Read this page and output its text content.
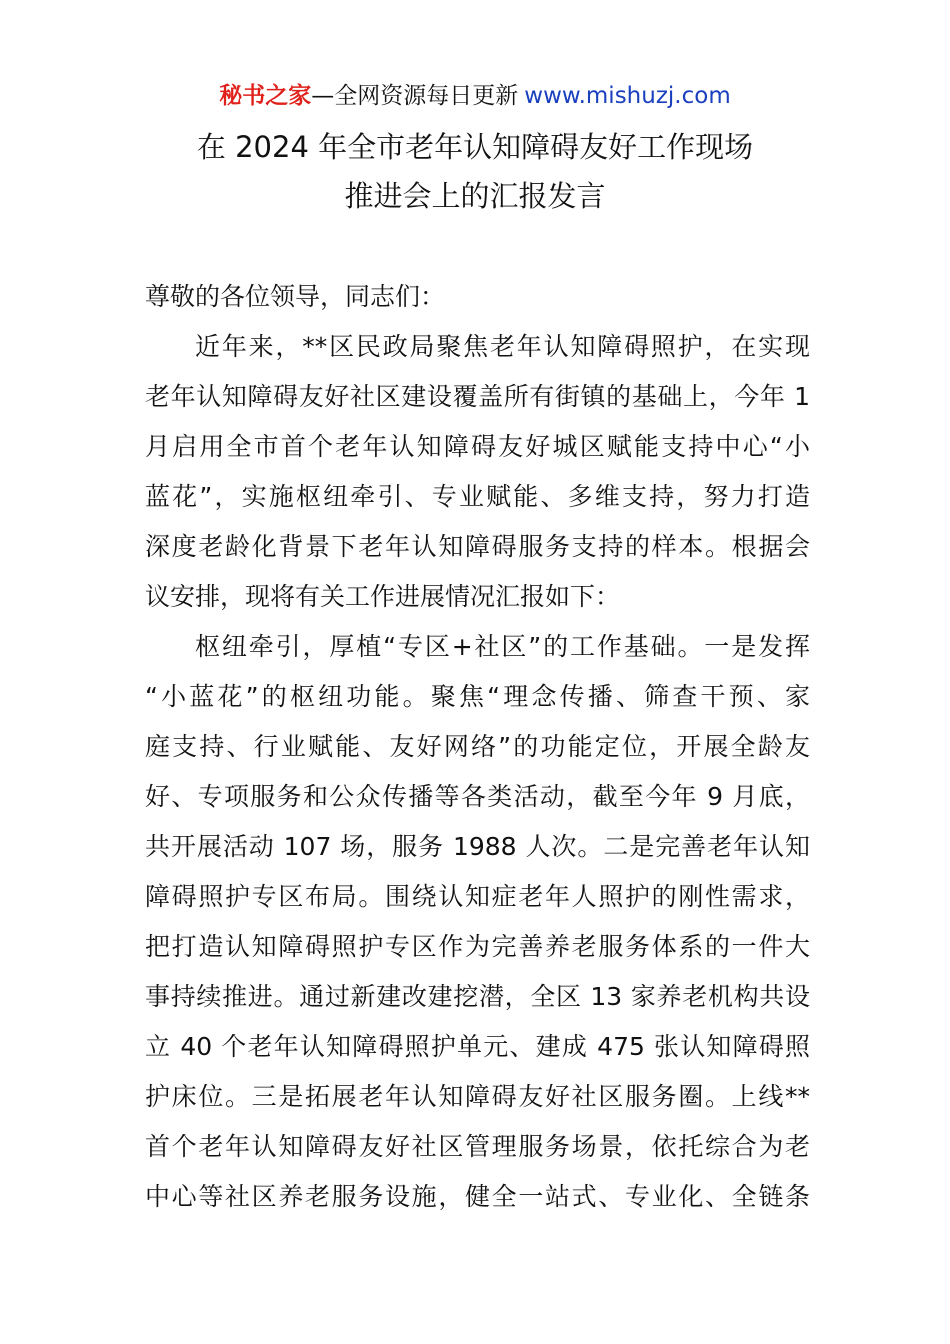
秘书之家—全网资源每日更新 www.mishuzj.com
在 2024 年全市老年认知障碍友好工作现场
推进会上的汇报发言
尊敬的各位领导，同志们：
近年来，**区民政局聚焦老年认知障碍照护，在实现
老年认知障碍友好社区建设覆盖所有街镇的基础上，今年 1
月启用全市首个老年认知障碍友好城区赋能支持中心“小
蓝花”，实施枢纽牵引、专业赋能、多维支持，努力打造
深度老龄化背景下老年认知障碍服务支持的样本。根据会
议安排，现将有关工作进展情况汇报如下：
枢纽牵引，厚植“专区+社区”的工作基础。一是发挥
“小蓝花”的枢纽功能。聚焦“理念传播、筛查干预、家
庭支持、行业赋能、友好网络”的功能定位，开展全龄友
好、专项服务和公众传播等各类活动，截至今年 9 月底，
共开展活动 107 场，服务 1988 人次。二是完善老年认知
障碍照护专区布局。围绕认知症老年人照护的刚性需求，
把打造认知障碍照护专区作为完善养老服务体系的一件大
事持续推进。通过新建改建挖潜，全区 13 家养老机构共设
立 40 个老年认知障碍照护单元、建成 475 张认知障碍照
护床位。三是拓展老年认知障碍友好社区服务圈。上线**
首个老年认知障碍友好社区管理服务场景，依托综合为老
中心等社区养老服务设施，健全一站式、专业化、全链条
